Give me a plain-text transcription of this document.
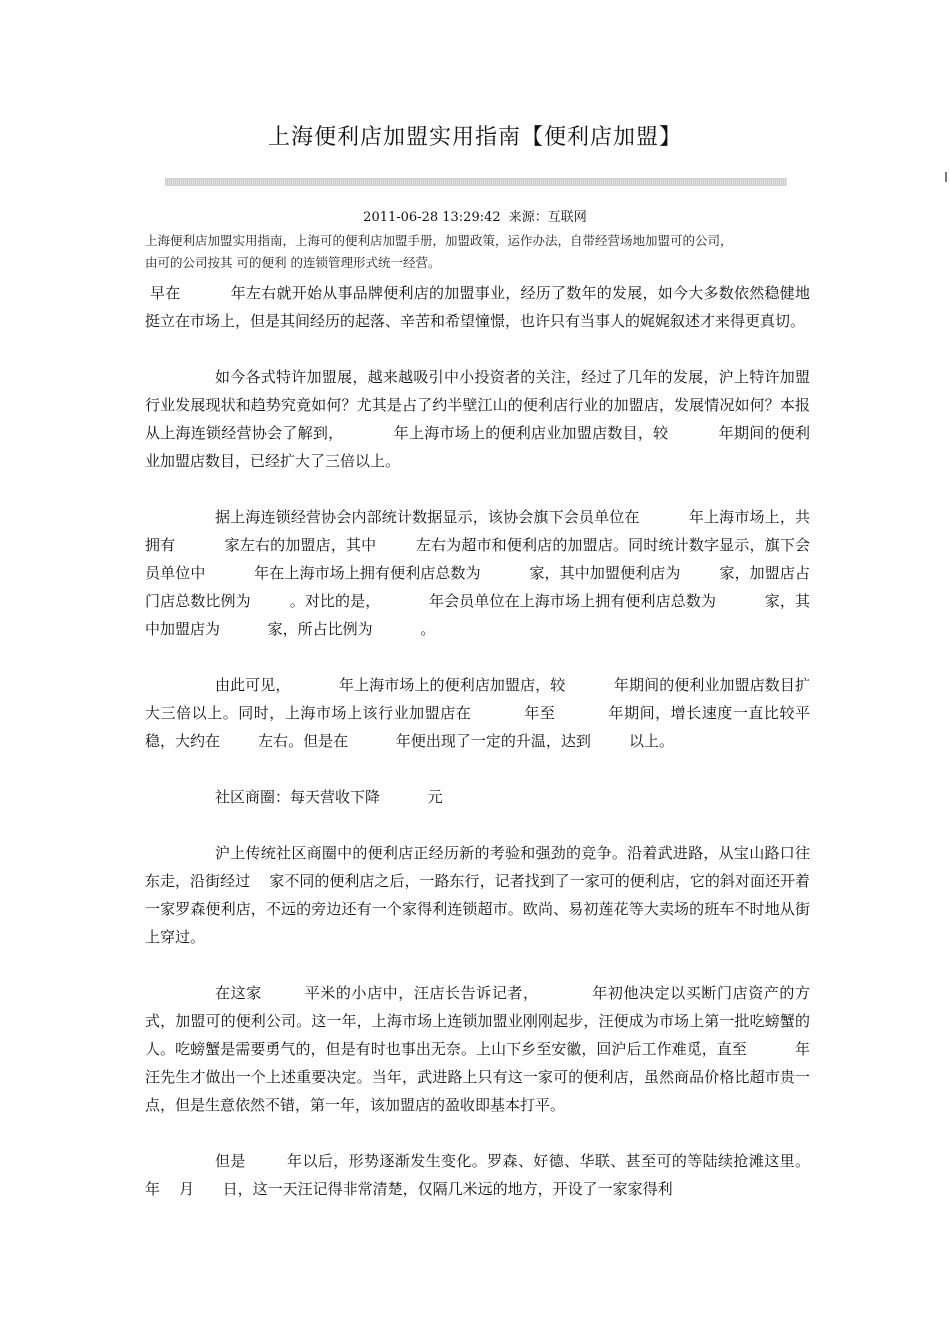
上海便利店加盟实用指南【便利店加盟】
2011-06-28 13:29:42 来源：互联网

上海便利店加盟实用指南，上海可的便利店加盟手册，加盟政策，运作办法，自带经营场地加盟可的公司，

由可的公司按其 可的便利 的连锁管理形式统一经营。

早在          年左右就开始从事品牌便利店的加盟事业，经历了数年的发展，如今大多数依然稳健地挺立在市场上，但是其间经历的起落、辛苦和希望憧憬，也许只有当事人的娓娓叙述才来得更真切。

如今各式特许加盟展，越来越吸引中小投资者的关注，经过了几年的发展，沪上特许加盟行业发展现状和趋势究竟如何？尤其是占了约半壁江山的便利店行业的加盟店，发展情况如何？本报从上海连锁经营协会了解到，          年上海市场上的便利店业加盟店数目，较          年期间的便利业加盟店数目，已经扩大了三倍以上。

据上海连锁经营协会内部统计数据显示，该协会旗下会员单位在          年上海市场上，共拥有          家左右的加盟店，其中        左右为超市和便利店的加盟店。同时统计数字显示，旗下会员单位中          年在上海市场上拥有便利店总数为          家，其中加盟便利店为        家，加盟店占门店总数比例为        。对比的是，          年会员单位在上海市场上拥有便利店总数为          家，其中加盟店为          家，所占比例为          。

由此可见，          年上海市场上的便利店加盟店，较          年期间的便利业加盟店数目扩大三倍以上。同时，上海市场上该行业加盟店在          年至          年期间，增长速度一直比较平稳，大约在        左右。但是在          年便出现了一定的升温，达到        以上。

社区商圈：每天营收下降          元

沪上传统社区商圈中的便利店正经历新的考验和强劲的竞争。沿着武进路，从宝山路口往东走，沿街经过    家不同的便利店之后，一路东行，记者找到了一家可的便利店，它的斜对面还开着一家罗森便利店，不远的旁边还有一个家得利连锁超市。欧尚、易初莲花等大卖场的班车不时地从街上穿过。

在这家        平米的小店中，汪店长告诉记者，          年初他决定以买断门店资产的方式，加盟可的便利公司。这一年，上海市场上连锁加盟业刚刚起步，汪便成为市场上第一批吃螃蟹的人。吃螃蟹是需要勇气的，但是有时也事出无奈。上山下乡至安徽，回沪后工作难觅，直至          年汪先生才做出一个上述重要决定。当年，武进路上只有这一家可的便利店，虽然商品价格比超市贵一点，但是生意依然不错，第一年，该加盟店的盈收即基本打平。

但是        年以后，形势逐渐发生变化。罗森、好德、华联、甚至可的等陆续抢滩这里。        年    月      日，这一天汪记得非常清楚，仅隔几米远的地方，开设了一家家得利
